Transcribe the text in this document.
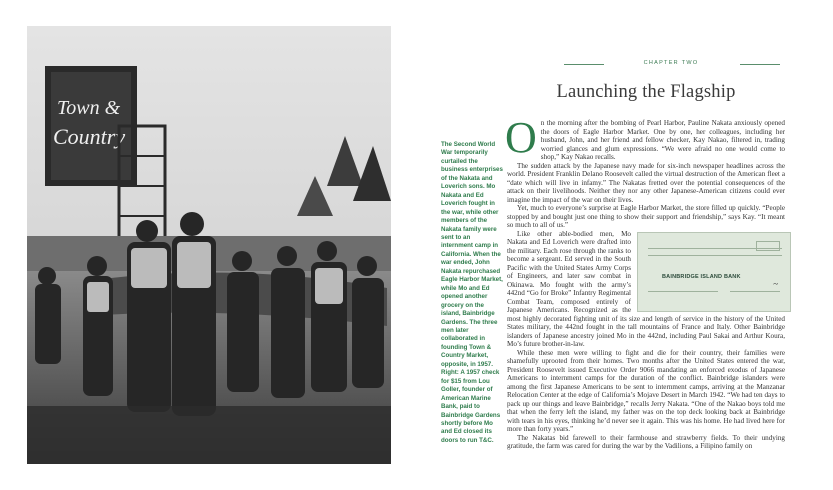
Town &
Country	The Second World War temporarily curtailed the business enterprises of the Nakata and Loverich sons. Mo Nakata and Ed Loverich fought in the war, while other members of the Nakata family were sent to an internment camp in California. When the war ended, John Nakata repurchased Eagle Harbor Market, while Mo and Ed opened another grocery on the island, Bainbridge Gardens. The three men later collaborated in founding Town & Country Market, opposite, in 1957. Right: A 1957 check for $15 from Lou Goller, founder of American Marine Bank, paid to Bainbridge Gardens shortly before Mo and Ed closed its doors to run T&C.
CHAPTER TWO
Launching the Flagship

On the morning after the bombing of Pearl Harbor, Pauline Nakata anxiously opened the doors of Eagle Harbor Market. One by one, her colleagues, including her husband, John, and her friend and fellow checker, Kay Nakao, filtered in, trading worried glances and glum expressions. “We were afraid no one would come to shop,” Kay Nakao recalls.

The sudden attack by the Japanese navy made for six-inch newspaper headlines across the world. President Franklin Delano Roosevelt called the virtual destruction of the American fleet a “date which will live in infamy.” The Nakatas fretted over the potential consequences of the attack on their livelihoods. Neither they nor any other Japanese-American citizens could ever imagine the impact of the war on their lives.

Yet, much to everyone’s surprise at Eagle Harbor Market, the store filled up quickly. “People stopped by and bought just one thing to show their support and friendship,” says Kay. “It meant so much to all of us.”

BAINBRIDGE ISLAND BANK
~
Like other able-bodied men, Mo Nakata and Ed Loverich were drafted into the military. Each rose through the ranks to become a sergeant. Ed served in the South Pacific with the United States Army Corps of Engineers, and later saw combat in Okinawa. Mo fought with the army’s 442nd “Go for Broke” Infantry Regimental Combat Team, composed entirely of Japanese Americans. Recognized as the most highly decorated fighting unit of its size and length of service in the history of the United States military, the 442nd fought in the tall mountains of France and Italy. Other Bainbridge islanders of Japanese ancestry joined Mo in the 442nd, including Paul Sakai and Arthur Koura, Mo’s future brother-in-law.

While these men were willing to fight and die for their country, their families were shamefully uprooted from their homes. Two months after the United States entered the war, President Roosevelt issued Executive Order 9066 mandating an enforced exodus of Japanese Americans to internment camps for the duration of the conflict. Bainbridge islanders were among the first Japanese Americans to be sent to internment camps, arriving at the Manzanar Relocation Center at the edge of California’s Mojave Desert in March 1942. “We had ten days to pack up our things and leave Bainbridge,” recalls Jerry Nakata. “One of the Nakao boys told me that when the ferry left the island, my father was on the top deck looking back at Bainbridge with tears in his eyes, thinking he’d never see it again. This was his home. He had lived here for more than forty years.”

The Nakatas bid farewell to their farmhouse and strawberry fields. To their undying gratitude, the farm was cared for during the war by the Vadilions, a Filipino family on
